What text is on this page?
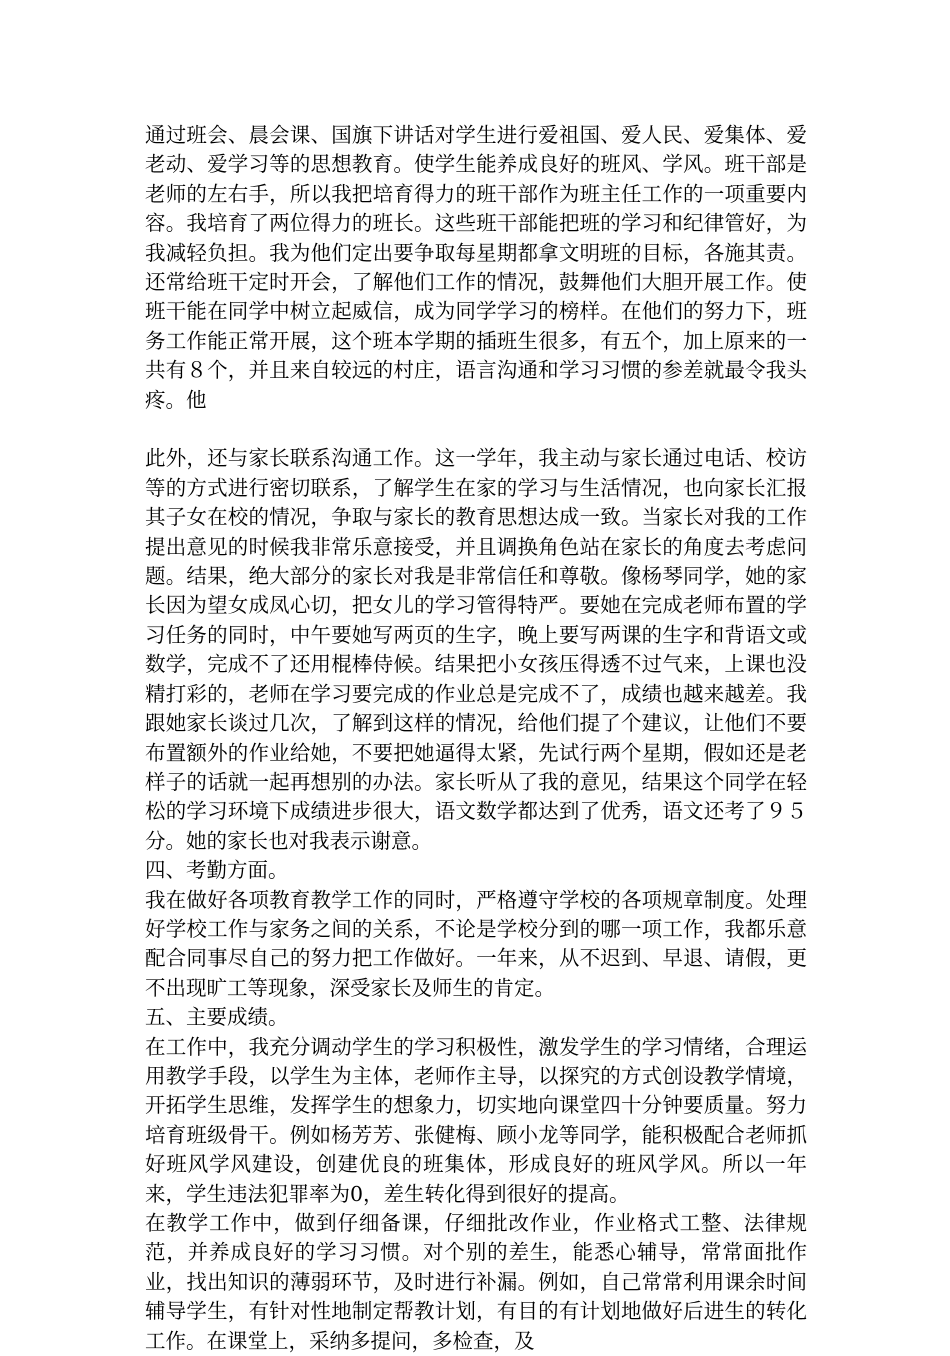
通过班会、晨会课、国旗下讲话对学生进行爱祖国、爱人民、爱集体、爱老动、爱学习等的思想教育。使学生能养成良好的班风、学风。班干部是老师的左右手，所以我把培育得力的班干部作为班主任工作的一项重要内容。我培育了两位得力的班长。这些班干部能把班的学习和纪律管好，为我减轻负担。我为他们定出要争取每星期都拿文明班的目标，各施其责。还常给班干定时开会，了解他们工作的情况，鼓舞他们大胆开展工作。使班干能在同学中树立起威信，成为同学学习的榜样。在他们的努力下，班务工作能正常开展，这个班本学期的插班生很多，有五个，加上原来的一共有８个，并且来自较远的村庄，语言沟通和学习习惯的参差就最令我头疼。他

此外，还与家长联系沟通工作。这一学年，我主动与家长通过电话、校访等的方式进行密切联系，了解学生在家的学习与生活情况，也向家长汇报其子女在校的情况，争取与家长的教育思想达成一致。当家长对我的工作提出意见的时候我非常乐意接受，并且调换角色站在家长的角度去考虑问题。结果，绝大部分的家长对我是非常信任和尊敬。像杨琴同学，她的家长因为望女成凤心切，把女儿的学习管得特严。要她在完成老师布置的学习任务的同时，中午要她写两页的生字，晚上要写两课的生字和背语文或数学，完成不了还用棍棒侍候。结果把小女孩压得透不过气来，上课也没精打彩的，老师在学习要完成的作业总是完成不了，成绩也越来越差。我跟她家长谈过几次，了解到这样的情况，给他们提了个建议，让他们不要布置额外的作业给她，不要把她逼得太紧，先试行两个星期，假如还是老样子的话就一起再想别的办法。家长听从了我的意见，结果这个同学在轻松的学习环境下成绩进步很大，语文数学都达到了优秀，语文还考了９５分。她的家长也对我表示谢意。

四、考勤方面。

我在做好各项教育教学工作的同时，严格遵守学校的各项规章制度。处理好学校工作与家务之间的关系，不论是学校分到的哪一项工作，我都乐意配合同事尽自己的努力把工作做好。一年来，从不迟到、早退、请假，更不出现旷工等现象，深受家长及师生的肯定。

五、主要成绩。

在工作中，我充分调动学生的学习积极性，激发学生的学习情绪，合理运用教学手段，以学生为主体，老师作主导，以探究的方式创设教学情境，开拓学生思维，发挥学生的想象力，切实地向课堂四十分钟要质量。努力培育班级骨干。例如杨芳芳、张健梅、顾小龙等同学，能积极配合老师抓好班风学风建设，创建优良的班集体，形成良好的班风学风。所以一年来，学生违法犯罪率为0，差生转化得到很好的提高。

在教学工作中，做到仔细备课，仔细批改作业，作业格式工整、法律规范，并养成良好的学习习惯。对个别的差生，能悉心辅导，常常面批作业，找出知识的薄弱环节，及时进行补漏。例如，自己常常利用课余时间辅导学生，有针对性地制定帮教计划，有目的有计划地做好后进生的转化工作。在课堂上，采纳多提问，多检查，及
